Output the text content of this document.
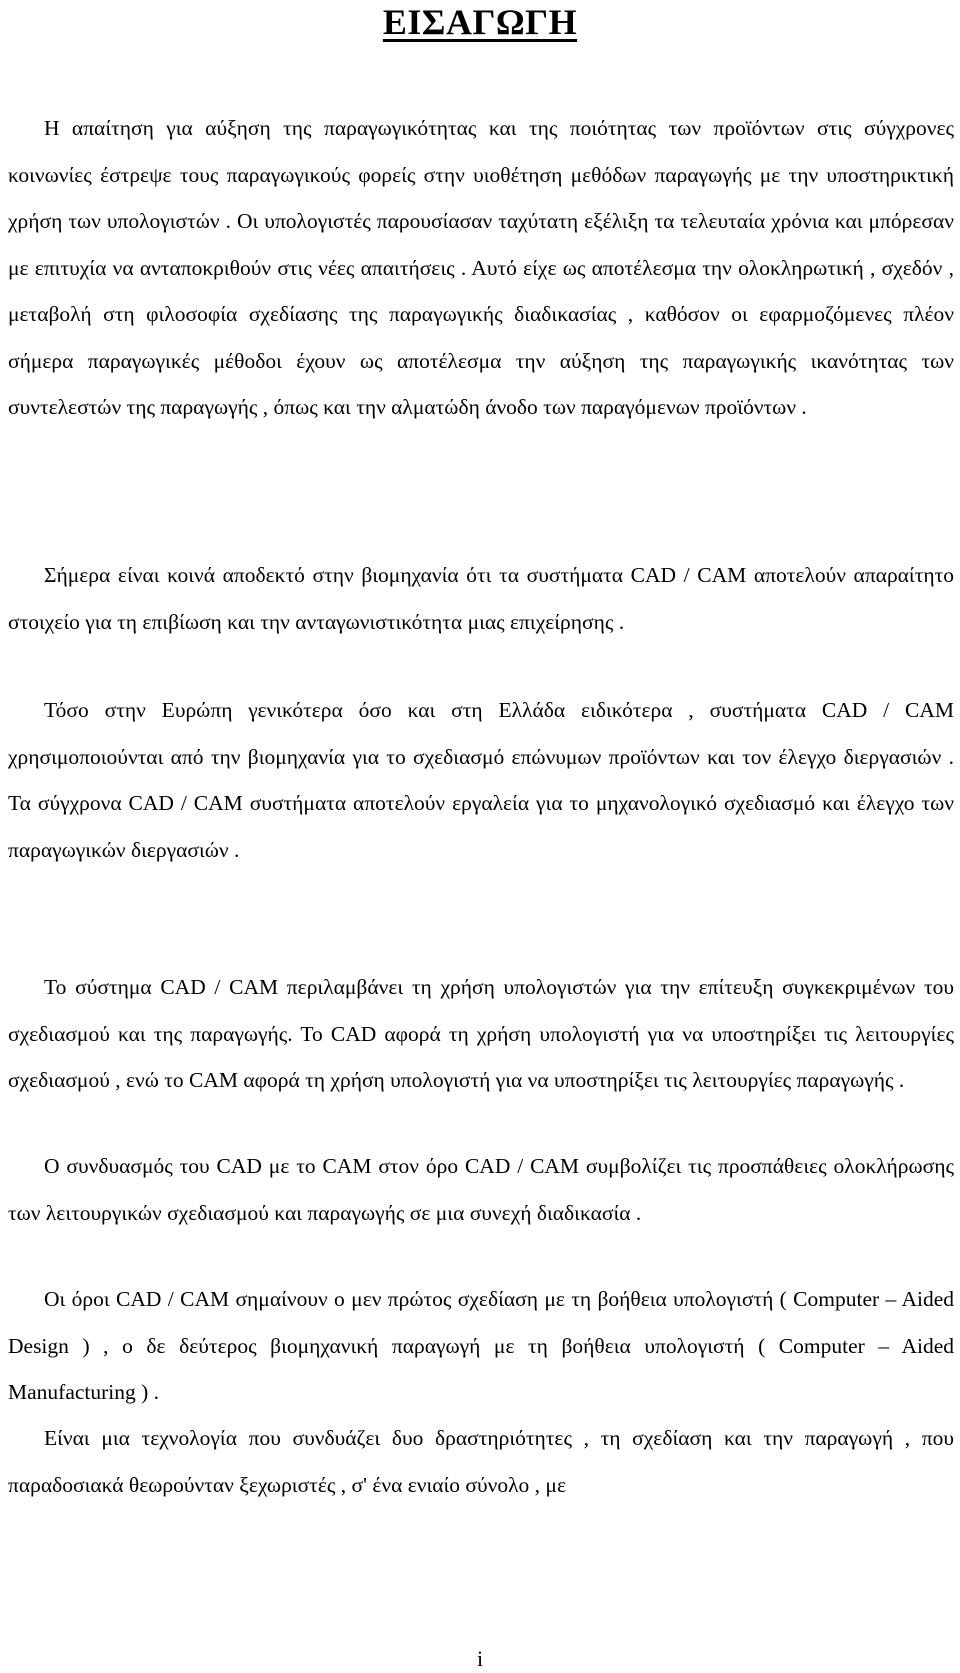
ΕΙΣΑΓΩΓΗ

Η απαίτηση για αύξηση της παραγωγικότητας και της ποιότητας των προϊόντων στις σύγχρονες κοινωνίες έστρεψε τους παραγωγικούς φορείς στην υιοθέτηση μεθόδων παραγωγής με την υποστηρικτική χρήση των υπολογιστών . Οι υπολογιστές παρουσίασαν ταχύτατη εξέλιξη τα τελευταία χρόνια και μπόρεσαν με επιτυχία να ανταποκριθούν στις νέες απαιτήσεις . Αυτό είχε ως αποτέλεσμα την ολοκληρωτική , σχεδόν , μεταβολή στη φιλοσοφία σχεδίασης της παραγωγικής διαδικασίας , καθόσον οι εφαρμοζόμενες πλέον σήμερα παραγωγικές μέθοδοι έχουν ως αποτέλεσμα την αύξηση της παραγωγικής ικανότητας των συντελεστών της παραγωγής , όπως και την αλματώδη άνοδο των παραγόμενων προϊόντων .

Σήμερα είναι κοινά αποδεκτό στην βιομηχανία ότι τα συστήματα CAD / CAM αποτελούν απαραίτητο στοιχείο για τη επιβίωση και την ανταγωνιστικότητα μιας επιχείρησης .

Τόσο στην Ευρώπη γενικότερα όσο και στη Ελλάδα ειδικότερα , συστήματα CAD / CAM χρησιμοποιούνται από την βιομηχανία για το σχεδιασμό επώνυμων προϊόντων και τον έλεγχο διεργασιών . Τα σύγχρονα CAD / CAM συστήματα αποτελούν εργαλεία για το μηχανολογικό σχεδιασμό και έλεγχο των παραγωγικών διεργασιών .

Το σύστημα CAD / CAM περιλαμβάνει τη χρήση υπολογιστών για την επίτευξη συγκεκριμένων του σχεδιασμού και της παραγωγής. Το CAD αφορά τη χρήση υπολογιστή για να υποστηρίξει τις λειτουργίες σχεδιασμού , ενώ το CAM αφορά τη χρήση υπολογιστή για να υποστηρίξει τις λειτουργίες παραγωγής .

Ο συνδυασμός του CAD με το CAM στον όρο CAD / CAM συμβολίζει τις προσπάθειες ολοκλήρωσης των λειτουργικών σχεδιασμού και παραγωγής σε μια συνεχή διαδικασία .

Οι όροι CAD / CAM σημαίνουν ο μεν πρώτος σχεδίαση με τη βοήθεια υπολογιστή ( Computer – Aided Design ) , ο δε δεύτερος βιομηχανική παραγωγή με τη βοήθεια υπολογιστή ( Computer – Aided Manufacturing ) .

Είναι μια τεχνολογία που συνδυάζει δυο δραστηριότητες , τη σχεδίαση και την παραγωγή , που παραδοσιακά θεωρούνταν ξεχωριστές , σ' ένα ενιαίο σύνολο , με

i
